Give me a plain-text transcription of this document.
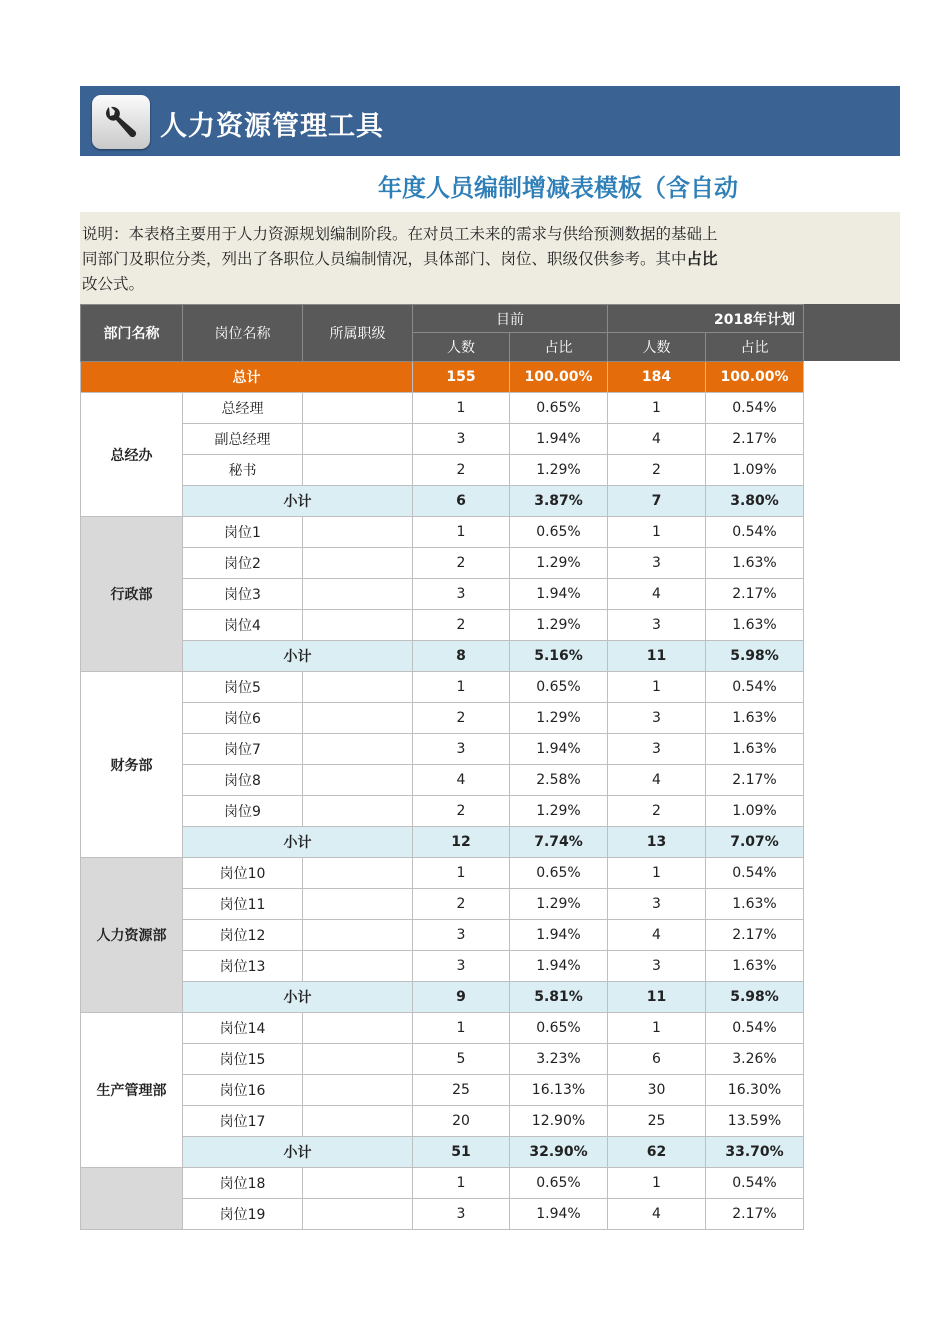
人力资源管理工具
年度人员编制增减表模板（含自动
说明：本表格主要用于人力资源规划编制阶段。在对员工未来的需求与供给预测数据的基础上
同部门及职位分类，列出了各职位人员编制情况，具体部门、岗位、职级仅供参考。其中占比
改公式。
部门名称	岗位名称	所属职级	目前		2018年计划	
			人数	占比	人数	占比
总计			155	100.00%	184	100.00%
总经办	总经理		1	0.65%	1	0.54%
	副总经理		3	1.94%	4	2.17%
	秘书		2	1.29%	2	1.09%
	小计		6	3.87%	7	3.80%
行政部	岗位1		1	0.65%	1	0.54%
	岗位2		2	1.29%	3	1.63%
	岗位3		3	1.94%	4	2.17%
	岗位4		2	1.29%	3	1.63%
	小计		8	5.16%	11	5.98%
财务部	岗位5		1	0.65%	1	0.54%
	岗位6		2	1.29%	3	1.63%
	岗位7		3	1.94%	3	1.63%
	岗位8		4	2.58%	4	2.17%
	岗位9		2	1.29%	2	1.09%
	小计		12	7.74%	13	7.07%
人力资源部	岗位10		1	0.65%	1	0.54%
	岗位11		2	1.29%	3	1.63%
	岗位12		3	1.94%	4	2.17%
	岗位13		3	1.94%	3	1.63%
	小计		9	5.81%	11	5.98%
生产管理部	岗位14		1	0.65%	1	0.54%
	岗位15		5	3.23%	6	3.26%
	岗位16		25	16.13%	30	16.30%
	岗位17		20	12.90%	25	13.59%
	小计		51	32.90%	62	33.70%
	岗位18		1	0.65%	1	0.54%
	岗位19		3	1.94%	4	2.17%
